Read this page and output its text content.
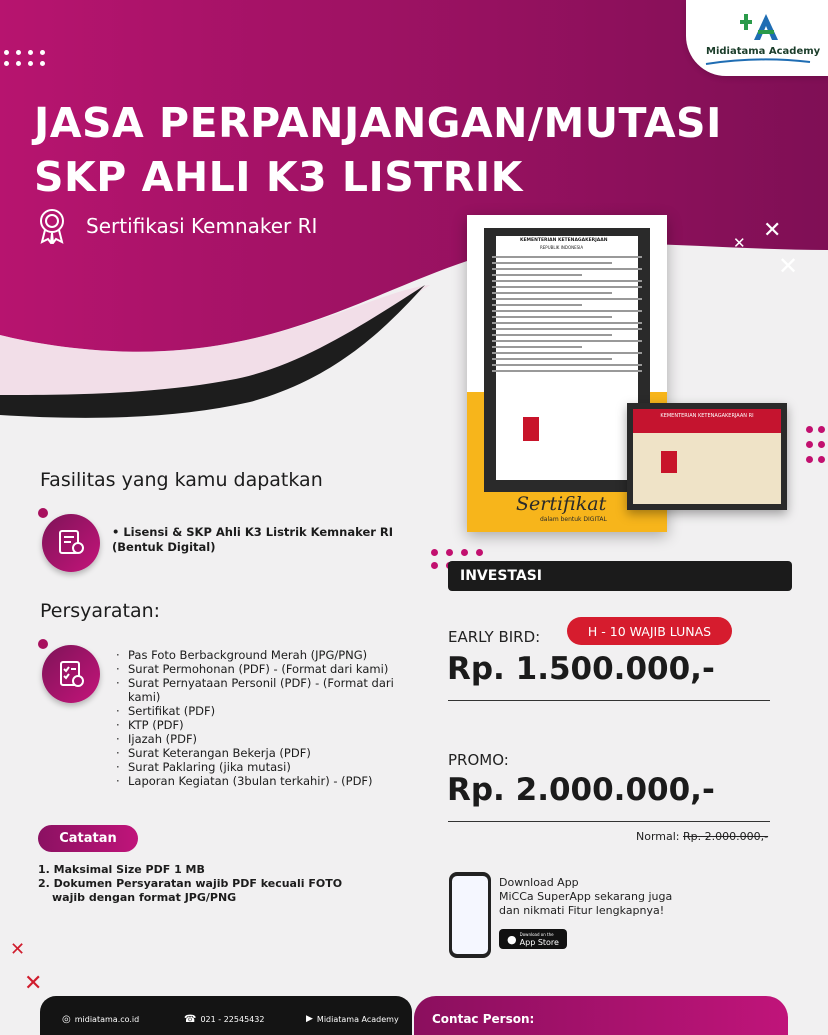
Midiatama Academy
JASA PERPANJANGAN/MUTASI
SKP AHLI K3 LISTRIK
Sertifikasi Kemnaker RI	✕
✕
✕
KEMENTERIAN KETENAGAKERJAAN
REPUBLIK INDONESIA
Sertifikat
dalam bentuk DIGITAL
MIDIATAMA ACADEMY
KEMENTERIAN KETENAGAKERJAAN RI
Fasilitas yang kamu dapatkan
• Lisensi & SKP Ahli K3 Listrik Kemnaker RI (Bentuk Digital)
Persyaratan:
· Pas Foto Berbackground Merah (JPG/PNG)
· Surat Permohonan (PDF) - (Format dari kami)
· Surat Pernyataan Personil (PDF) - (Format dari kami)
· Sertifikat (PDF)
· KTP (PDF)
· Ijazah (PDF)
· Surat Keterangan Bekerja (PDF)
· Surat Paklaring (jika mutasi)
· Laporan Kegiatan (3bulan terkahir) - (PDF)
Catatan
1. Maksimal Size PDF 1 MB
2. Dokumen Persyaratan wajib PDF kecuali FOTO
wajib dengan format JPG/PNG
INVESTASI
EARLY BIRD:	H - 10 WAJIB LUNAS
Rp. 1.500.000,-
PROMO:
Rp. 2.000.000,-
Normal: Rp. 2.000.000,-
Download App
MiCCa SuperApp sekarang juga
dan nikmati Fitur lengkapnya!
● Download on the
App Store
✕
✕
◎ midiatama.co.id	☎ 021 - 22545432	▶ Midiatama Academy	Contac Person:
